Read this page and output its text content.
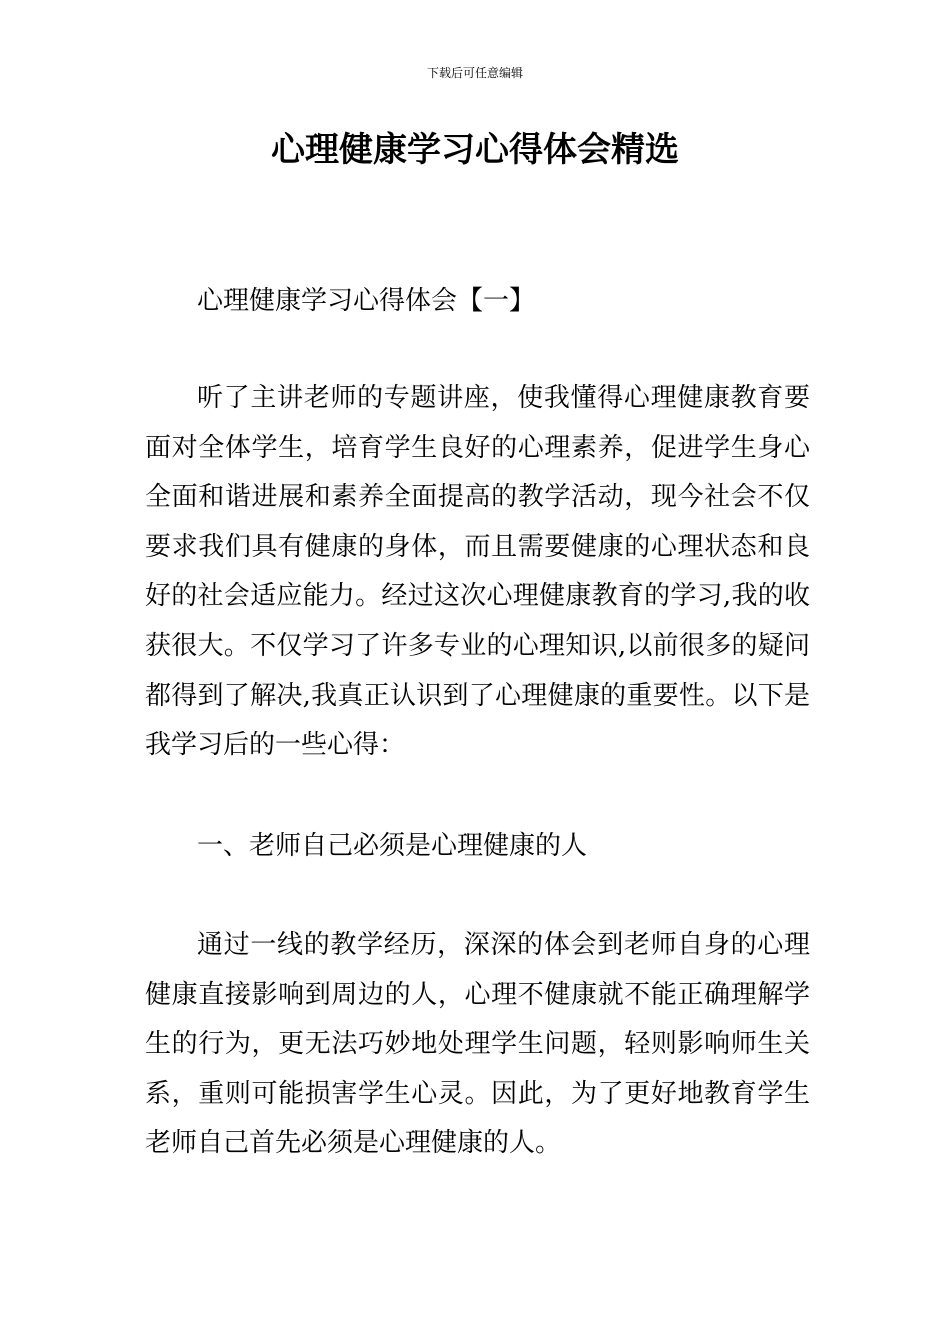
下载后可任意编辑
心理健康学习心得体会精选

心理健康学习心得体会【一】

听了主讲老师的专题讲座，使我懂得心理健康教育要面对全体学生，培育学生良好的心理素养，促进学生身心全面和谐进展和素养全面提高的教学活动，现今社会不仅要求我们具有健康的身体，而且需要健康的心理状态和良好的社会适应能力。经过这次心理健康教育的学习,我的收获很大。不仅学习了许多专业的心理知识,以前很多的疑问都得到了解决,我真正认识到了心理健康的重要性。以下是我学习后的一些心得：

一、老师自己必须是心理健康的人

通过一线的教学经历，深深的体会到老师自身的心理健康直接影响到周边的人，心理不健康就不能正确理解学生的行为，更无法巧妙地处理学生问题，轻则影响师生关系，重则可能损害学生心灵。因此，为了更好地教育学生老师自己首先必须是心理健康的人。
